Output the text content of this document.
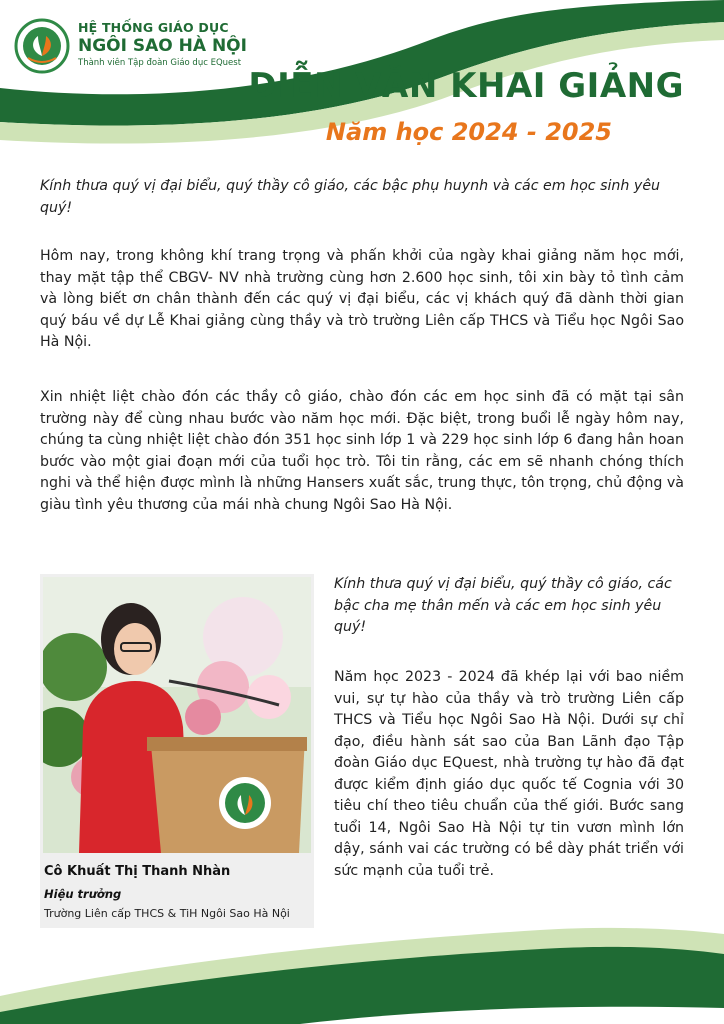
HỆ THỐNG GIÁO DỤC
NGÔI SAO HÀ NỘI
Thành viên Tập đoàn Giáo dục EQuest
DIỄN VĂN KHAI GIẢNG
Năm học 2024 - 2025
Kính thưa quý vị đại biểu, quý thầy cô giáo, các bậc phụ huynh và các em học sinh yêu quý!
Hôm nay, trong không khí trang trọng và phấn khởi của ngày khai giảng năm học mới, thay mặt tập thể CBGV- NV nhà trường cùng hơn 2.600 học sinh, tôi xin bày tỏ tình cảm và lòng biết ơn chân thành đến các quý vị đại biểu, các vị khách quý đã dành thời gian quý báu về dự Lễ Khai giảng cùng thầy và trò trường Liên cấp THCS và Tiểu học Ngôi Sao Hà Nội.
Xin nhiệt liệt chào đón các thầy cô giáo, chào đón các em học sinh đã có mặt tại sân trường này để cùng nhau bước vào năm học mới. Đặc biệt, trong buổi lễ ngày hôm nay, chúng ta cùng nhiệt liệt chào đón 351 học sinh lớp 1 và 229 học sinh lớp 6 đang hân hoan bước vào một giai đoạn mới của tuổi học trò. Tôi tin rằng, các em sẽ nhanh chóng thích nghi và thể hiện được mình là những Hansers xuất sắc, trung thực, tôn trọng, chủ động và giàu tình yêu thương của mái nhà chung Ngôi Sao Hà Nội.
Cô Khuất Thị Thanh Nhàn
Hiệu trưởng
Trường Liên cấp THCS & TiH Ngôi Sao Hà Nội
Kính thưa quý vị đại biểu, quý thầy cô giáo, các bậc cha mẹ thân mến và các em học sinh yêu quý!
Năm học 2023 - 2024 đã khép lại với bao niềm vui, sự tự hào của thầy và trò trường Liên cấp THCS và Tiểu học Ngôi Sao Hà Nội. Dưới sự chỉ đạo, điều hành sát sao của Ban Lãnh đạo Tập đoàn Giáo dục EQuest, nhà trường tự hào đã đạt được kiểm định giáo dục quốc tế Cognia với 30 tiêu chí theo tiêu chuẩn của thế giới. Bước sang tuổi 14, Ngôi Sao Hà Nội tự tin vươn mình lớn dậy, sánh vai các trường có bề dày phát triển với sức mạnh của tuổi trẻ.
